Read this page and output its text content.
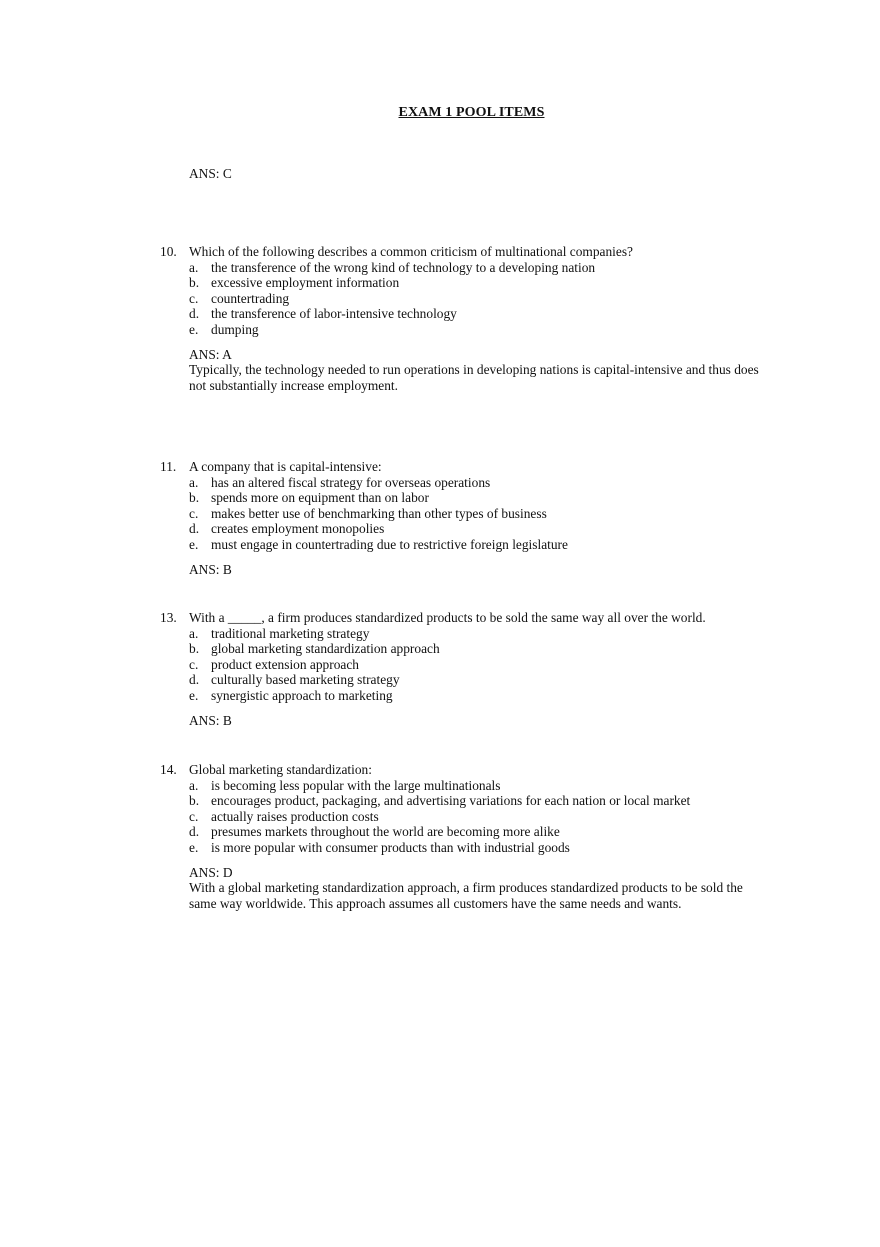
EXAM 1 POOL ITEMS

ANS: C

10. Which of the following describes a common criticism of multinational companies?

a. the transference of the wrong kind of technology to a developing nation

b. excessive employment information

c. countertrading

d. the transference of labor-intensive technology

e. dumping

ANS: A

Typically, the technology needed to run operations in developing nations is capital-intensive and thus does not substantially increase employment.

11. A company that is capital-intensive:

a. has an altered fiscal strategy for overseas operations

b. spends more on equipment than on labor

c. makes better use of benchmarking than other types of business

d. creates employment monopolies

e. must engage in countertrading due to restrictive foreign legislature

ANS: B

13. With a _____, a firm produces standardized products to be sold the same way all over the world.

a. traditional marketing strategy

b. global marketing standardization approach

c. product extension approach

d. culturally based marketing strategy

e. synergistic approach to marketing

ANS: B

14. Global marketing standardization:

a. is becoming less popular with the large multinationals

b. encourages product, packaging, and advertising variations for each nation or local market

c. actually raises production costs

d. presumes markets throughout the world are becoming more alike

e. is more popular with consumer products than with industrial goods

ANS: D

With a global marketing standardization approach, a firm produces standardized products to be sold the same way worldwide. This approach assumes all customers have the same needs and wants.
